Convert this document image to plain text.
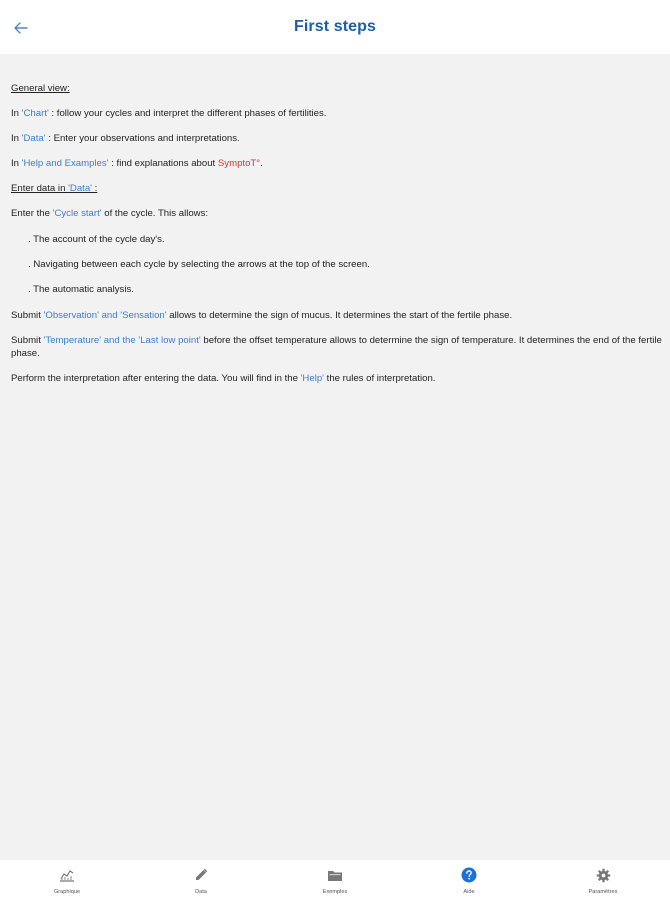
First steps

General view:

In 'Chart' : follow your cycles and interpret the different phases of fertilities.

In 'Data' : Enter your observations and interpretations.

In 'Help and Examples' : find explanations about SymptoT°.

Enter data in 'Data' :

Enter the 'Cycle start' of the cycle. This allows:

. The account of the cycle day's.

. Navigating between each cycle by selecting the arrows at the top of the screen.

. The automatic analysis.

Submit 'Observation' and 'Sensation' allows to determine the sign of mucus. It determines the start of the fertile phase.

Submit 'Temperature' and the 'Last low point' before the offset temperature allows to determine the sign of temperature. It determines the end of the fertile phase.

Perform the interpretation after entering the data. You will find in the 'Help' the rules of interpretation.

Graphique	Data	Exemples	Aide	Paramètres
